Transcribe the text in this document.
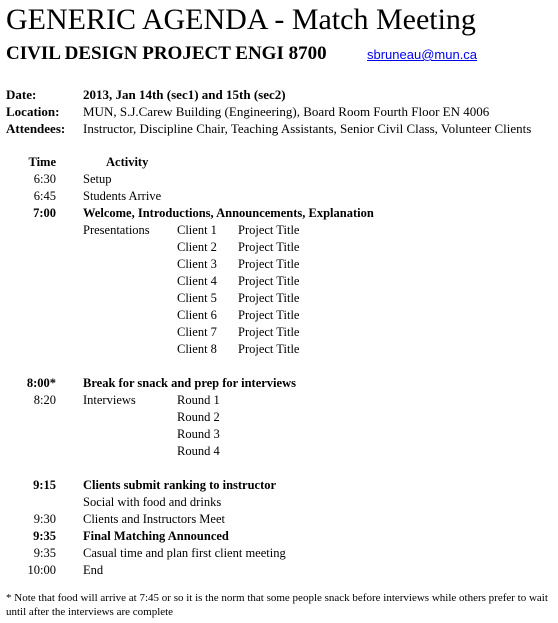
GENERIC AGENDA - Match Meeting
CIVIL DESIGN PROJECT ENGI 8700	sbruneau@mun.ca
Date:	2013, Jan 14th (sec1) and 15th (sec2)
Location: MUN, S.J.Carew Building (Engineering), Board Room Fourth Floor EN 4006
Attendees: Instructor, Discipline Chair, Teaching Assistants, Senior Civil Class, Volunteer Clients
Time	Activity
6:30 Setup
6:45 Students Arrive
7:00 Welcome, Introductions, Announcements, Explanation
Presentations Client 1 Project Title
Client 2 Project Title
Client 3 Project Title
Client 4 Project Title
Client 5 Project Title
Client 6 Project Title
Client 7 Project Title
Client 8 Project Title
8:00* Break for snack and prep for interviews
8:20 Interviews	Round 1
Round 2
Round 3
Round 4
9:15 Clients submit ranking to instructor
Social with food and drinks
9:30 Clients and Instructors Meet
9:35 Final Matching Announced
9:35 Casual time and plan first client meeting
10:00 End
* Note that food will arrive at 7:45 or so it is the norm that some people snack before interviews while others prefer to wait until after the interviews are complete
